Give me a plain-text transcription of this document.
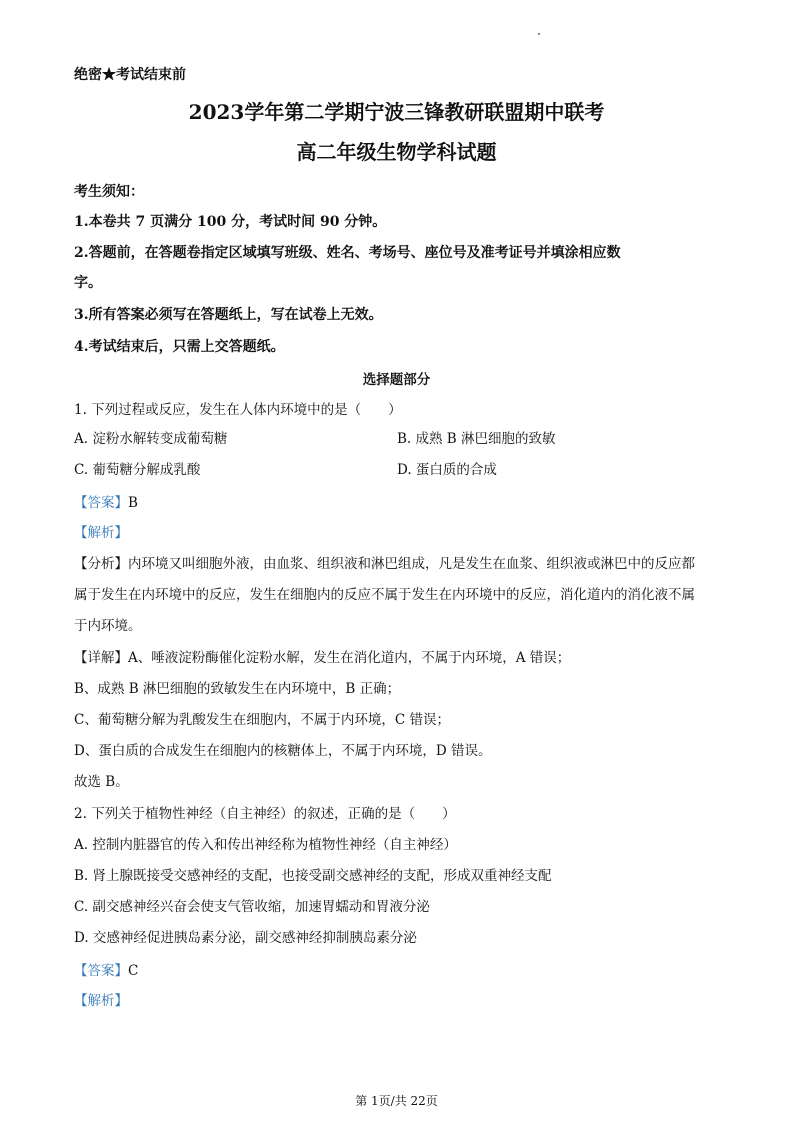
绝密★考试结束前
2023学年第二学期宁波三锋教研联盟期中联考
高二年级生物学科试题
考生须知：
1.本卷共 7 页满分 100 分，考试时间 90 分钟。
2.答题前，在答题卷指定区域填写班级、姓名、考场号、座位号及准考证号并填涂相应数
字。
3.所有答案必须写在答题纸上，写在试卷上无效。
4.考试结束后，只需上交答题纸。
选择题部分
1. 下列过程或反应，发生在人体内环境中的是（　　）
A. 淀粉水解转变成葡萄糖	B. 成熟 B 淋巴细胞的致敏
C. 葡萄糖分解成乳酸	D. 蛋白质的合成
【答案】B
【解析】
【分析】内环境又叫细胞外液，由血浆、组织液和淋巴组成，凡是发生在血浆、组织液或淋巴中的反应都
属于发生在内环境中的反应，发生在细胞内的反应不属于发生在内环境中的反应，消化道内的消化液不属
于内环境。
【详解】A、唾液淀粉酶催化淀粉水解，发生在消化道内，不属于内环境，A 错误；
B、成熟 B 淋巴细胞的致敏发生在内环境中，B 正确；
C、葡萄糖分解为乳酸发生在细胞内，不属于内环境，C 错误；
D、蛋白质的合成发生在细胞内的核糖体上，不属于内环境，D 错误。
故选 B。
2. 下列关于植物性神经（自主神经）的叙述，正确的是（　　）
A. 控制内脏器官的传入和传出神经称为植物性神经（自主神经）
B. 肾上腺既接受交感神经的支配，也接受副交感神经的支配，形成双重神经支配
C. 副交感神经兴奋会使支气管收缩，加速胃蠕动和胃液分泌
D. 交感神经促进胰岛素分泌，副交感神经抑制胰岛素分泌
【答案】C
【解析】
第 1页/共 22页
